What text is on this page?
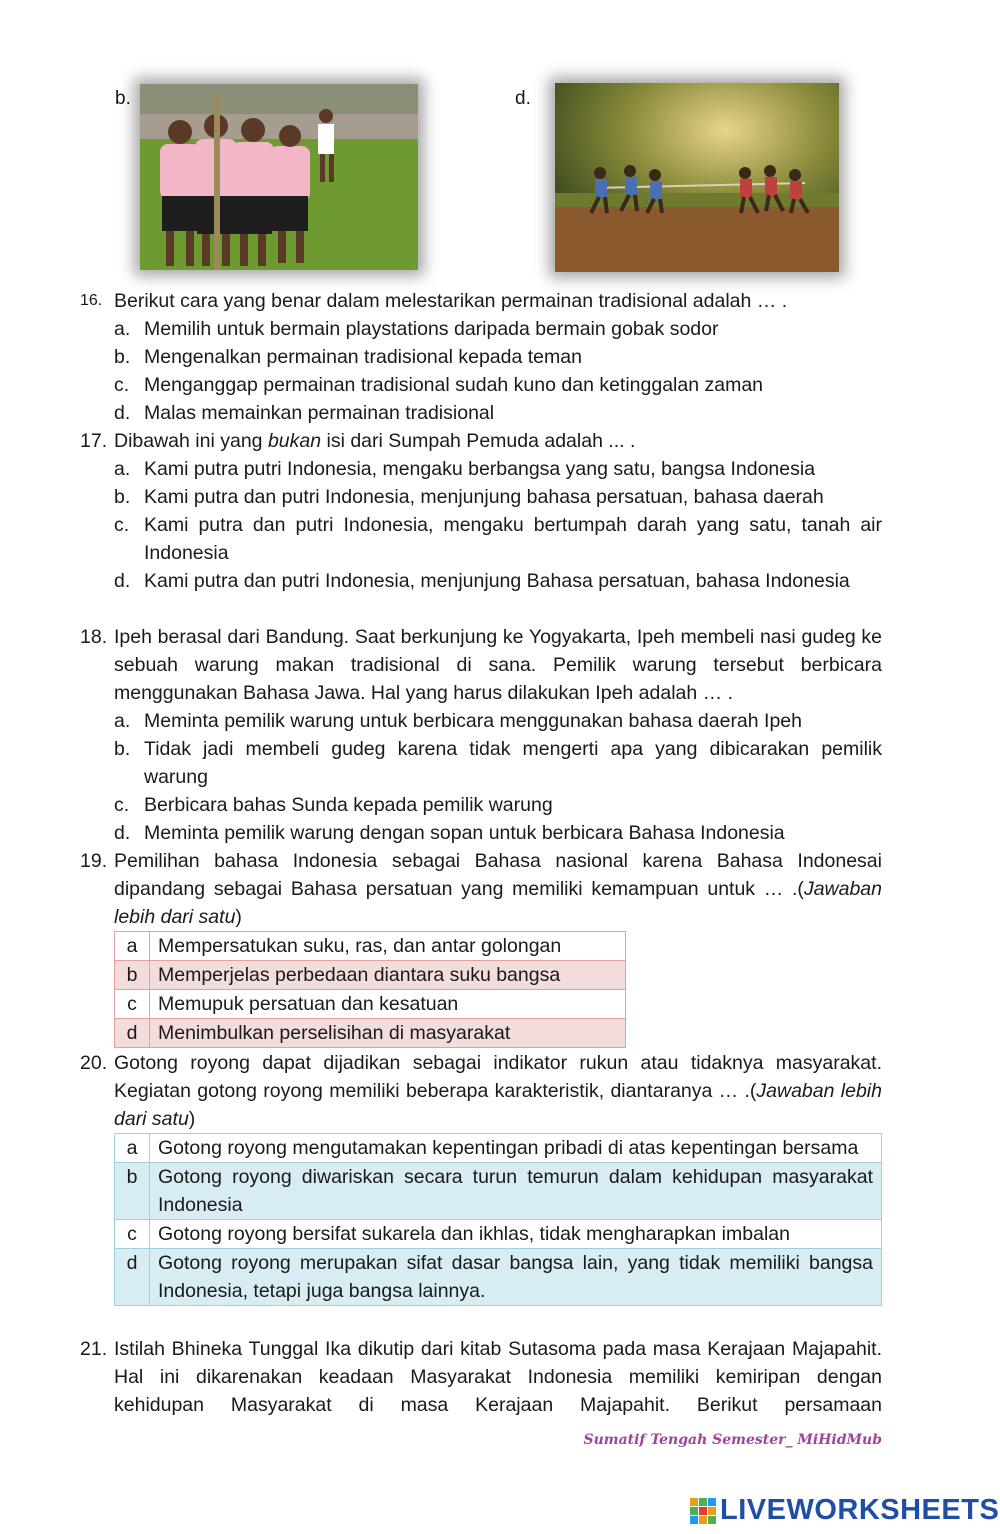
b.	d.
16. Berikut cara yang benar dalam melestarikan permainan tradisional adalah … .
a. Memilih untuk bermain playstations daripada bermain gobak sodor
b. Mengenalkan permainan tradisional kepada teman
c. Menganggap permainan tradisional sudah kuno dan ketinggalan zaman
d. Malas memainkan permainan tradisional
17. Dibawah ini yang bukan isi dari Sumpah Pemuda adalah ... .
a. Kami putra putri Indonesia, mengaku berbangsa yang satu, bangsa Indonesia
b. Kami putra dan putri Indonesia, menjunjung bahasa persatuan, bahasa daerah
c. Kami putra dan putri Indonesia, mengaku bertumpah darah yang satu, tanah air Indonesia
d. Kami putra dan putri Indonesia, menjunjung Bahasa persatuan, bahasa Indonesia
18. Ipeh berasal dari Bandung. Saat berkunjung ke Yogyakarta, Ipeh membeli nasi gudeg ke sebuah warung makan tradisional di sana. Pemilik warung tersebut berbicara menggunakan Bahasa Jawa. Hal yang harus dilakukan Ipeh adalah … .
a. Meminta pemilik warung untuk berbicara menggunakan bahasa daerah Ipeh
b. Tidak jadi membeli gudeg karena tidak mengerti apa yang dibicarakan pemilik warung
c. Berbicara bahas Sunda kepada pemilik warung
d. Meminta pemilik warung dengan sopan untuk berbicara Bahasa Indonesia
19. Pemilihan bahasa Indonesia sebagai Bahasa nasional karena Bahasa Indonesai dipandang sebagai Bahasa persatuan yang memiliki kemampuan untuk … .(Jawaban lebih dari satu)
a	Mempersatukan suku, ras, dan antar golongan
b	Memperjelas perbedaan diantara suku bangsa
c	Memupuk persatuan dan kesatuan
d	Menimbulkan perselisihan di masyarakat
20. Gotong royong dapat dijadikan sebagai indikator rukun atau tidaknya masyarakat. Kegiatan gotong royong memiliki beberapa karakteristik, diantaranya … .(Jawaban lebih dari satu)
a	Gotong royong mengutamakan kepentingan pribadi di atas kepentingan bersama
b	Gotong royong diwariskan secara turun temurun dalam kehidupan masyarakat Indonesia
c	Gotong royong bersifat sukarela dan ikhlas, tidak mengharapkan imbalan
d	Gotong royong merupakan sifat dasar bangsa lain, yang tidak memiliki bangsa Indonesia, tetapi juga bangsa lainnya.
21. Istilah Bhineka Tunggal Ika dikutip dari kitab Sutasoma pada masa Kerajaan Majapahit. Hal ini dikarenakan keadaan Masyarakat Indonesia memiliki kemiripan dengan kehidupan Masyarakat di masa Kerajaan Majapahit. Berikut persamaan
Sumatif Tengah Semester_ MiHidMub
LIVEWORKSHEETS
